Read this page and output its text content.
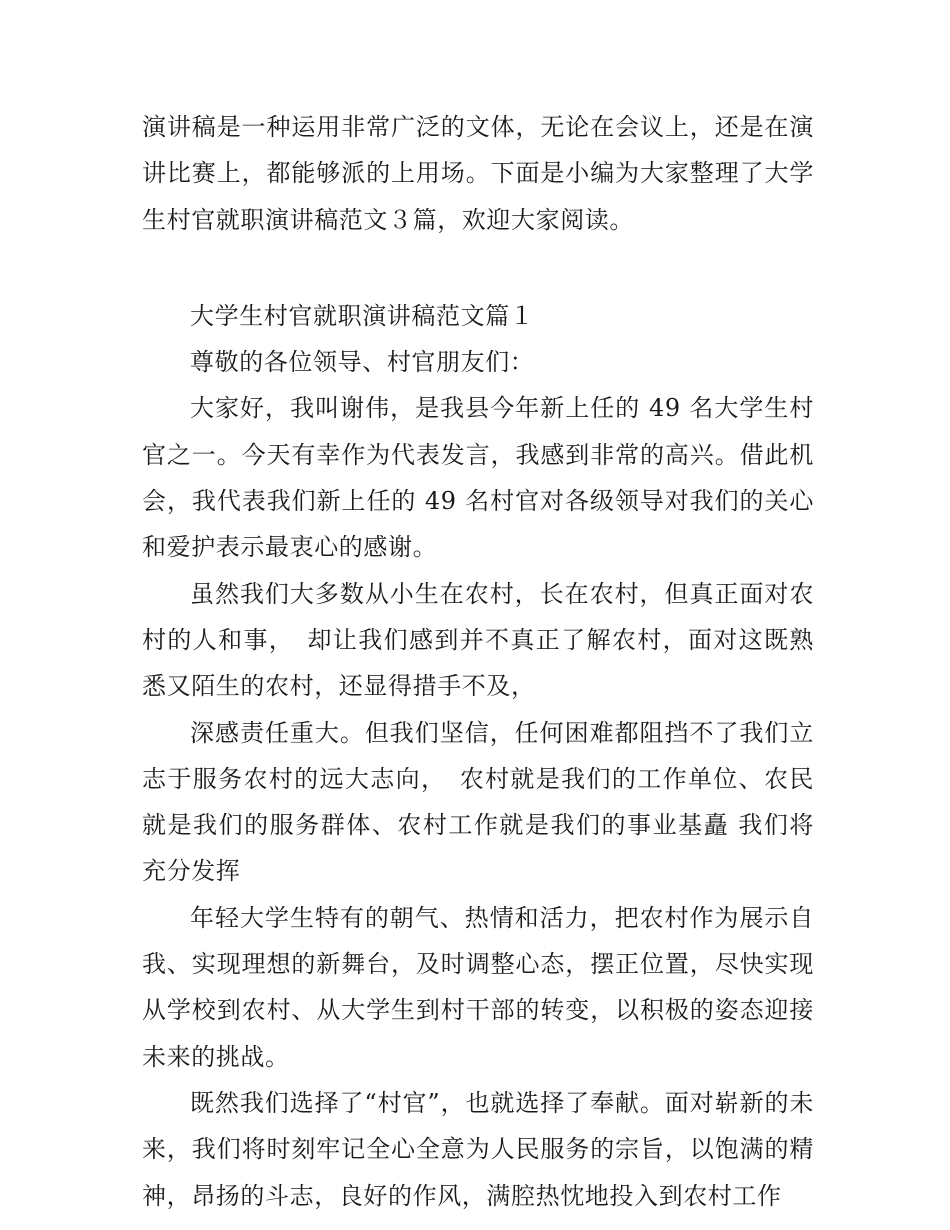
演讲稿是一种运用非常广泛的文体，无论在会议上，还是在演讲比赛上，都能够派的上用场。下面是小编为大家整理了大学生村官就职演讲稿范文３篇，欢迎大家阅读。

大学生村官就职演讲稿范文篇１

尊敬的各位领导、村官朋友们：

大家好，我叫谢伟，是我县今年新上任的 49 名大学生村官之一。今天有幸作为代表发言，我感到非常的高兴。借此机会，我代表我们新上任的 49 名村官对各级领导对我们的关心和爱护表示最衷心的感谢。

虽然我们大多数从小生在农村，长在农村，但真正面对农村的人和事，　却让我们感到并不真正了解农村，面对这既熟悉又陌生的农村，还显得措手不及，

深感责任重大。但我们坚信，任何困难都阻挡不了我们立志于服务农村的远大志向，　农村就是我们的工作单位、农民就是我们的服务群体、农村工作就是我们的事业基矗 我们将充分发挥

年轻大学生特有的朝气、热情和活力，把农村作为展示自我、实现理想的新舞台，及时调整心态，摆正位置，尽快实现从学校到农村、从大学生到村干部的转变，以积极的姿态迎接未来的挑战。

既然我们选择了“村官”，也就选择了奉献。面对崭新的未来，我们将时刻牢记全心全意为人民服务的宗旨，以饱满的精神，昂扬的斗志，良好的作风，满腔热忱地投入到农村工作
